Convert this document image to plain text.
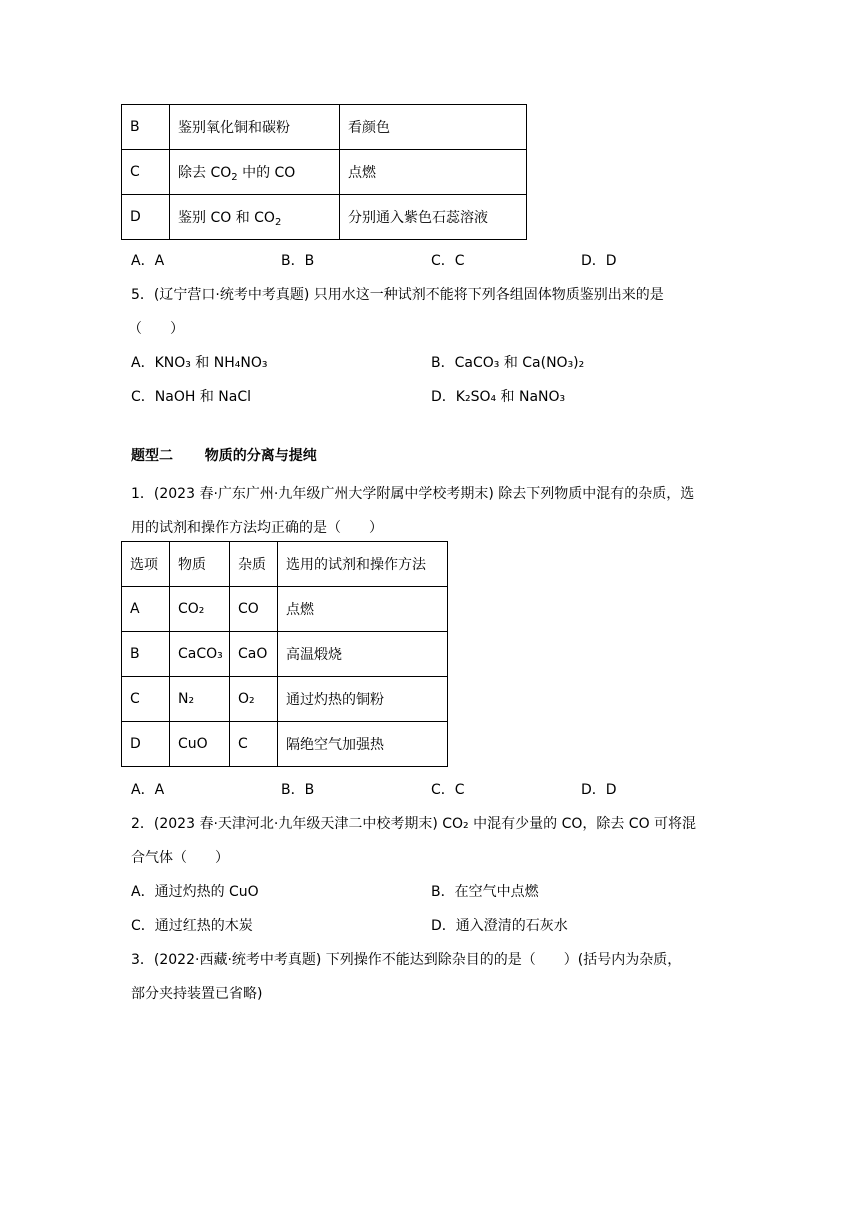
B	鉴别氧化铜和碳粉	看颜色
C	除去 $CO_2$ 中的 CO	点燃
D	鉴别 CO 和 $CO_2$	分别通入紫色石蕊溶液
A．A	B．B	C．C	D．D
5．(辽宁营口·统考中考真题) 只用水这一种试剂不能将下列各组固体物质鉴别出来的是
（　　）
A．KNO₃ 和 NH₄NO₃	B．CaCO₃ 和 Ca(NO₃)₂
C．NaOH 和 NaCl	D．K₂SO₄ 和 NaNO₃
题型二 物质的分离与提纯
1．(2023 春·广东广州·九年级广州大学附属中学校考期末) 除去下列物质中混有的杂质，选
用的试剂和操作方法均正确的是（　　）
选项	物质	杂质	选用的试剂和操作方法
A	CO₂	CO	点燃
B	CaCO₃	CaO	高温煅烧
C	N₂	O₂	通过灼热的铜粉
D	CuO	C	隔绝空气加强热
A．A	B．B	C．C	D．D
2．(2023 春·天津河北·九年级天津二中校考期末) CO₂ 中混有少量的 CO，除去 CO 可将混
合气体（　　）
A．通过灼热的 CuO	B．在空气中点燃
C．通过红热的木炭	D．通入澄清的石灰水
3．(2022·西藏·统考中考真题) 下列操作不能达到除杂目的的是（　　）(括号内为杂质，
部分夹持装置已省略)
